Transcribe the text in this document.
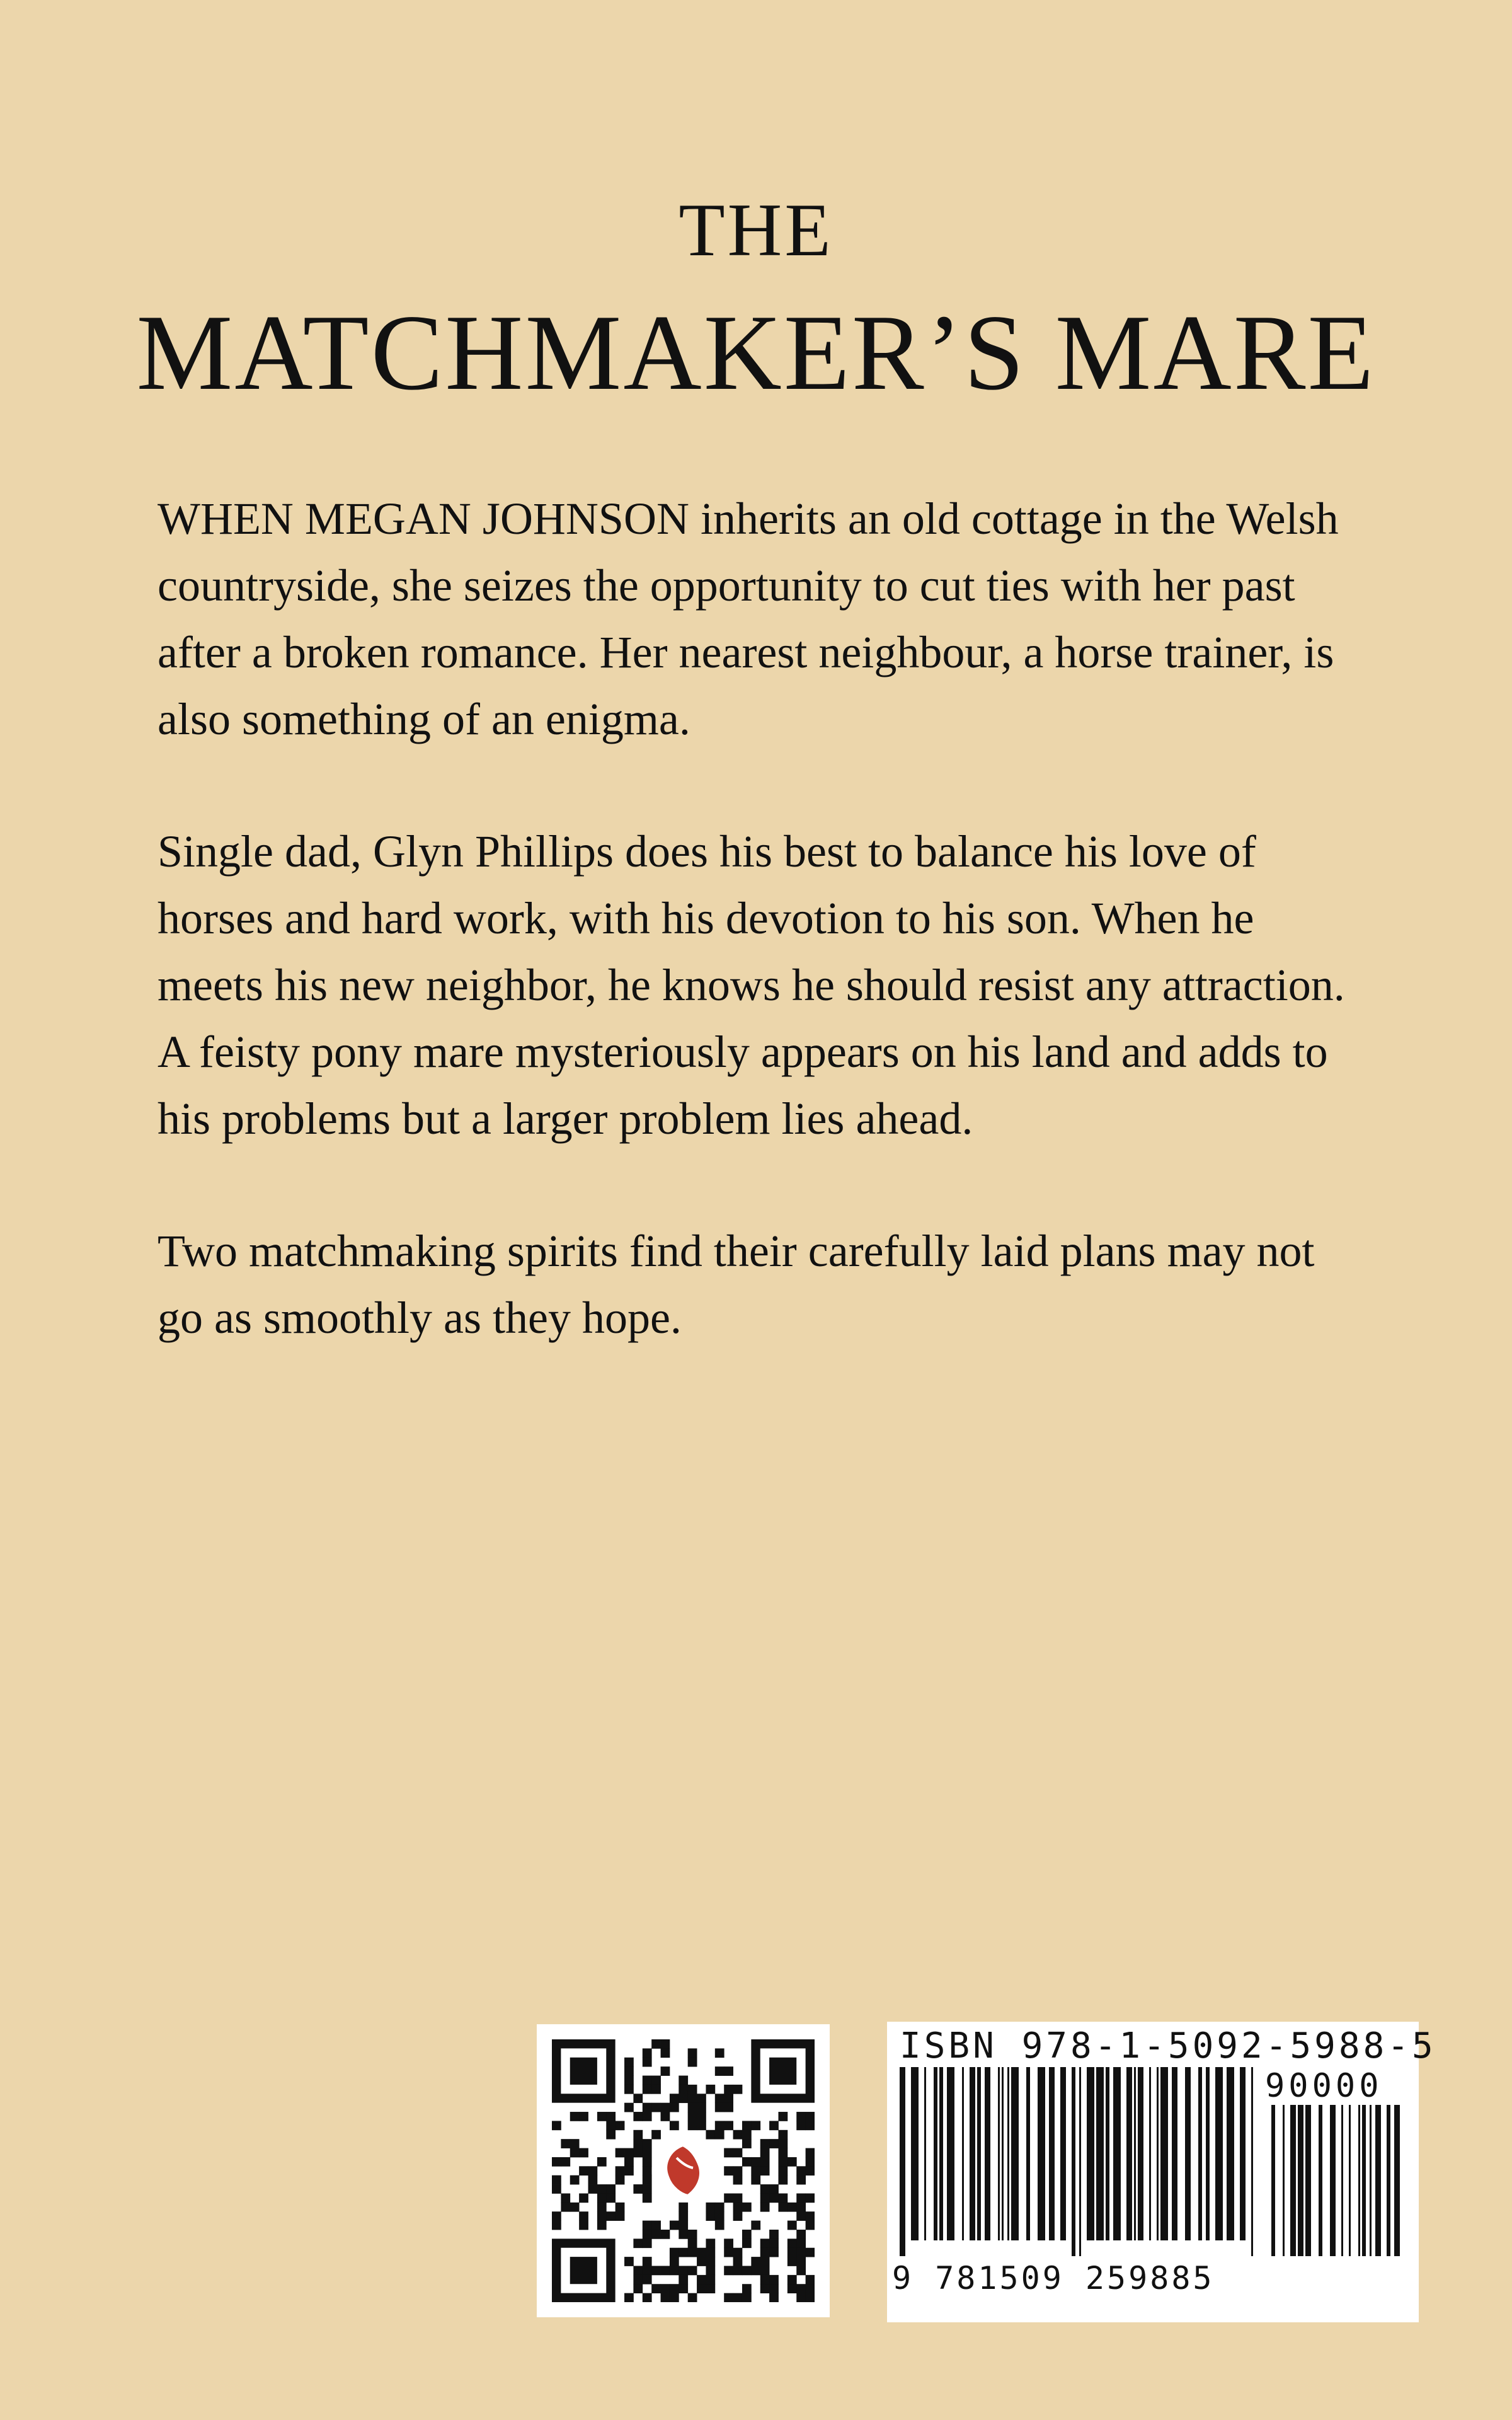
THE
MATCHMAKER’S MARE

WHEN MEGAN JOHNSON inherits an old cottage in the Welsh countryside, she seizes the opportunity to cut ties with her past after a broken romance. Her nearest neighbour, a horse trainer, is also something of an enigma.

Single dad, Glyn Phillips does his best to balance his love of horses and hard work, with his devotion to his son. When he meets his new neighbor, he knows he should resist any attraction. A feisty pony mare mysteriously appears on his land and adds to his problems but a larger problem lies ahead.

Two matchmaking spirits find their carefully laid plans may not go as smoothly as they hope.

ISBN 978-1-5092-5988-5
90000
9 781509 259885
